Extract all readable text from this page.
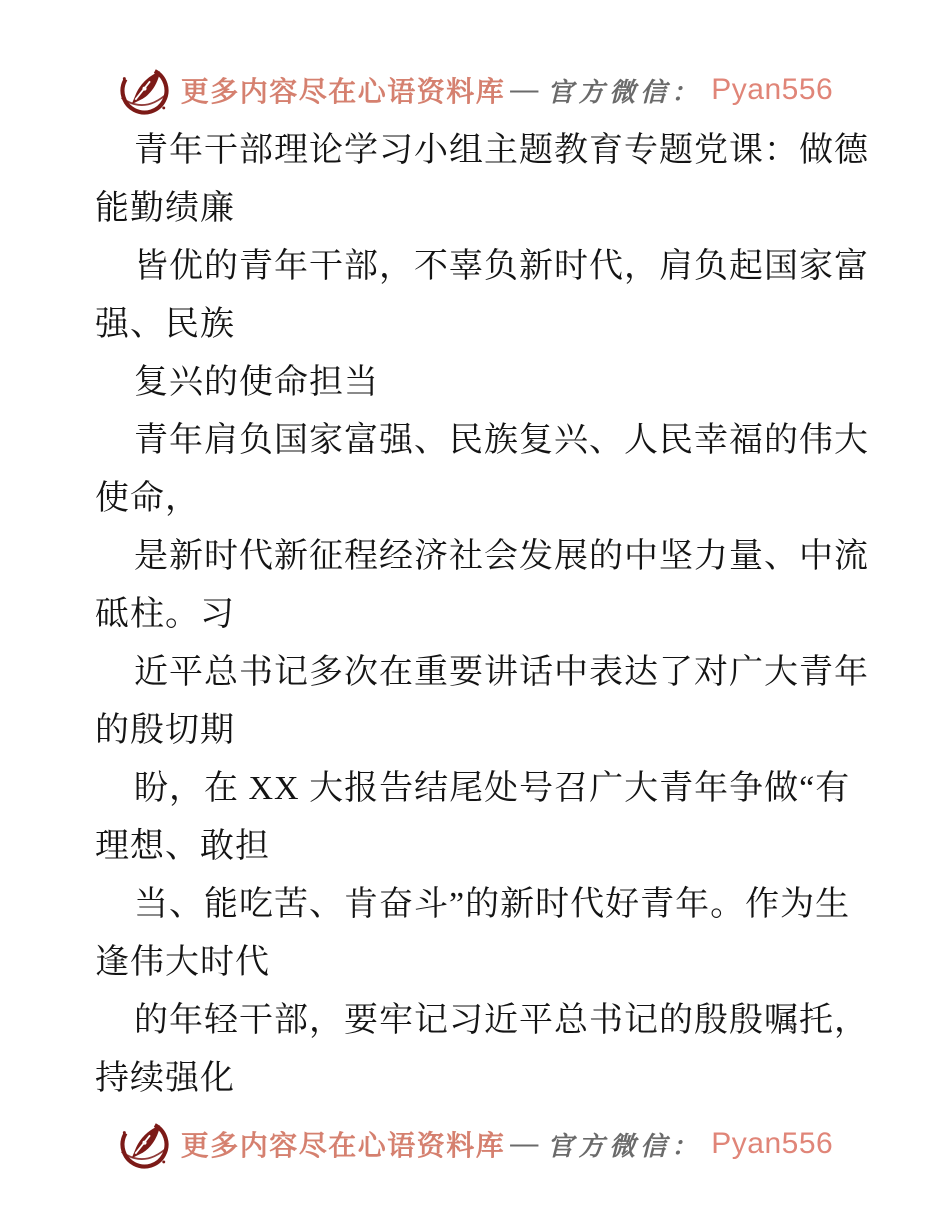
更多内容尽在心语资料库 — 官方微信： Pyan556
青年干部理论学习小组主题教育专题党课：做德
能勤绩廉
皆优的青年干部，不辜负新时代，肩负起国家富
强、民族
复兴的使命担当
青年肩负国家富强、民族复兴、人民幸福的伟大
使命，
是新时代新征程经济社会发展的中坚力量、中流
砥柱。习
近平总书记多次在重要讲话中表达了对广大青年
的殷切期
盼，在 XX 大报告结尾处号召广大青年争做“有
理想、敢担
当、能吃苦、肯奋斗”的新时代好青年。作为生
逢伟大时代
的年轻干部，要牢记习近平总书记的殷殷嘱托，
持续强化
更多内容尽在心语资料库 — 官方微信： Pyan556
